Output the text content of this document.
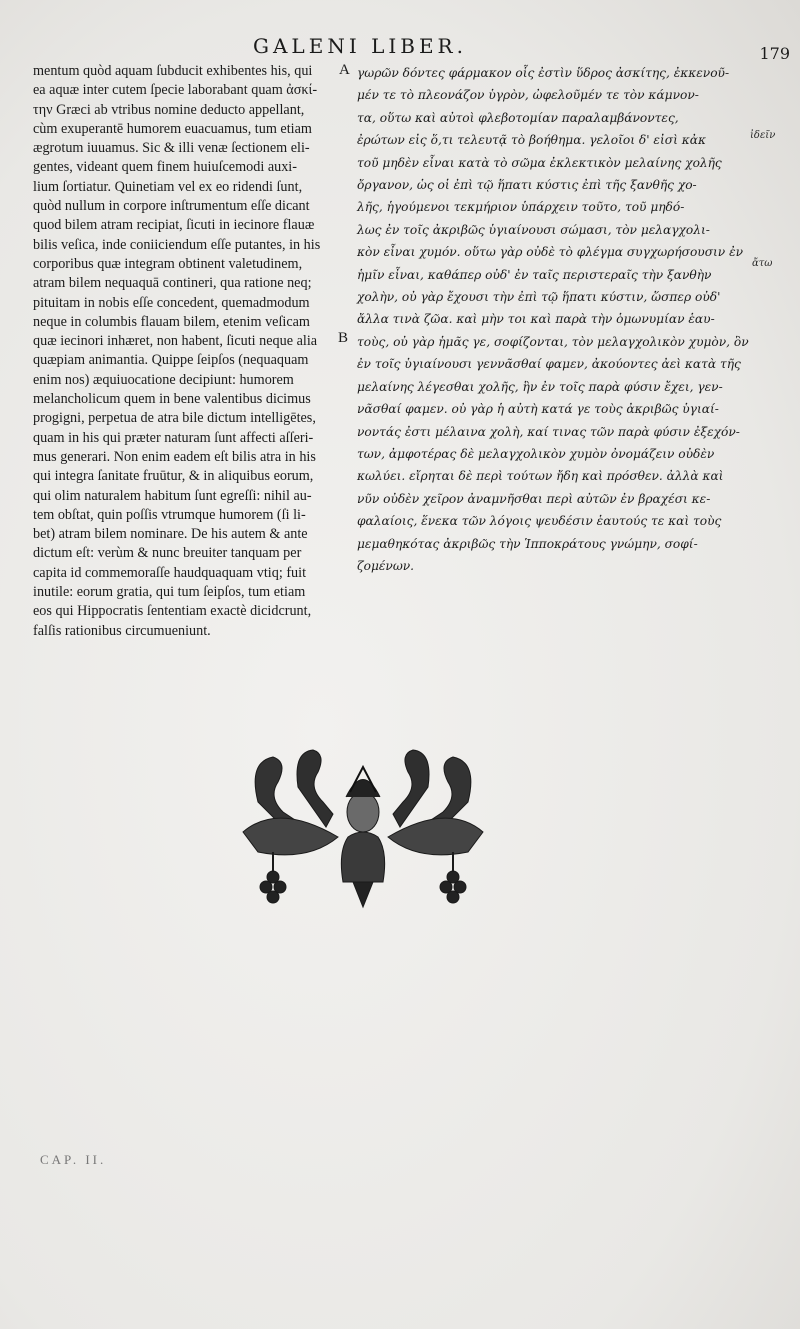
GALENI LIBER.	179
A
B
mentum quòd aquam ſubducit exhibentes his, qui
ea aquæ inter cutem ſpecie laborabant quam ἀσκί-
την Græci ab vtribus nomine deducto appellant,
cùm exuperantē humorem euacuamus, tum etiam
ægrotum iuuamus. Sic & illi venæ ſectionem eli-
gentes, videant quem finem huiuſcemodi auxi-
lium ſortiatur. Quinetiam vel ex eo ridendi ſunt,
quòd nullum in corpore inſtrumentum eſſe dicant
quod bilem atram recipiat, ſicuti in iecinore flauæ
bilis veſica, inde coniiciendum eſſe putantes, in his
corporibus quæ integram obtinent valetudinem,
atram bilem nequaquā contineri, qua ratione neq;
pituitam in nobis eſſe concedent, quemadmodum
neque in columbis flauam bilem, etenim veſicam
quæ iecinori inhæret, non habent, ſicuti neque alia
quæpiam animantia. Quippe ſeipſos (nequaquam
enim nos) æquiuocatione decipiunt: humorem
melancholicum quem in bene valentibus dicimus
progigni, perpetua de atra bile dictum intelligētes,
quam in his qui præter naturam ſunt affecti aſſeri-
mus generari. Non enim eadem eſt bilis atra in his
qui integra ſanitate fruūtur, & in aliquibus eorum,
qui olim naturalem habitum ſunt egreſſi: nihil au-
tem obſtat, quin poſſis vtrumque humorem (ſi li-
bet) atram bilem nominare. De his autem & ante
dictum eſt: verùm & nunc breuiter tanquam per
capita id commemoraſſe haudquaquam vtiq; fuit
inutile: eorum gratia, qui tum ſeipſos, tum etiam
eos qui Hippocratis ſententiam exactè dicidcrunt,
falſis rationibus circumueniunt.
γωρῶν δόντες φάρμακον οἷς ἐστὶν ὕδρος ἀσκίτης, ἐκκενοῦ-
μέν τε τὸ πλεονάζον ὑγρὸν, ὠφελοῦμέν τε τὸν κάμνον-
τα, οὕτω καὶ αὐτοὶ φλεβοτομίαν παραλαμβάνοντες,
ἐρώτων εἰς ὅ,τι τελευτᾷ τὸ βοήθημα. γελοῖοι δ' εἰσὶ κἀκ
τοῦ μηδὲν εἶναι κατὰ τὸ σῶμα ἐκλεκτικὸν μελαίνης χολῆς
ὄργανον, ὡς οἱ ἐπὶ τῷ ἥπατι κύστις ἐπὶ τῆς ξανθῆς χο-
λῆς, ἡγούμενοι τεκμήριον ὑπάρχειν τοῦτο, τοῦ μηδό-
λως ἐν τοῖς ἀκριβῶς ὑγιαίνουσι σώμασι, τὸν μελαγχολι-
κὸν εἶναι χυμόν. οὕτω γὰρ οὐδὲ τὸ φλέγμα συγχωρήσουσιν ἐν
ἡμῖν εἶναι, καθάπερ οὐδ' ἐν ταῖς περιστεραῖς τὴν ξανθὴν
χολὴν, οὐ γὰρ ἔχουσι τὴν ἐπὶ τῷ ἥπατι κύστιν, ὥσπερ οὐδ'
ἄλλα τινὰ ζῶα. καὶ μὴν τοι καὶ παρὰ τὴν ὁμωνυμίαν ἑαυ-
τοὺς, οὐ γὰρ ἡμᾶς γε, σοφίζονται, τὸν μελαγχολικὸν χυμὸν, ὃν
ἐν τοῖς ὑγιαίνουσι γεννᾶσθαί φαμεν, ἀκούοντες ἀεὶ κατὰ τῆς
μελαίνης λέγεσθαι χολῆς, ἣν ἐν τοῖς παρὰ φύσιν ἔχει, γεν-
νᾶσθαί φαμεν. οὐ γὰρ ἡ αὐτὴ κατά γε τοὺς ἀκριβῶς ὑγιαί-
νοντάς ἐστι μέλαινα χολὴ, καί τινας τῶν παρὰ φύσιν ἐξεχόν-
των, ἀμφοτέρας δὲ μελαγχολικὸν χυμὸν ὀνομάζειν οὐδὲν
κωλύει. εἴρηται δὲ περὶ τούτων ἤδη καὶ πρόσθεν. ἀλλὰ καὶ
νῦν οὐδὲν χεῖρον ἀναμνῆσθαι περὶ αὐτῶν ἐν βραχέσι κε-
φαλαίοις, ἕνεκα τῶν λόγοις ψευδέσιν ἑαυτούς τε καὶ τοὺς
μεμαθηκότας ἀκριβῶς τὴν Ἱπποκράτους γνώμην, σοφί-
ζομένων.
ἰδεῖν
ἄτω
CAP. II.
